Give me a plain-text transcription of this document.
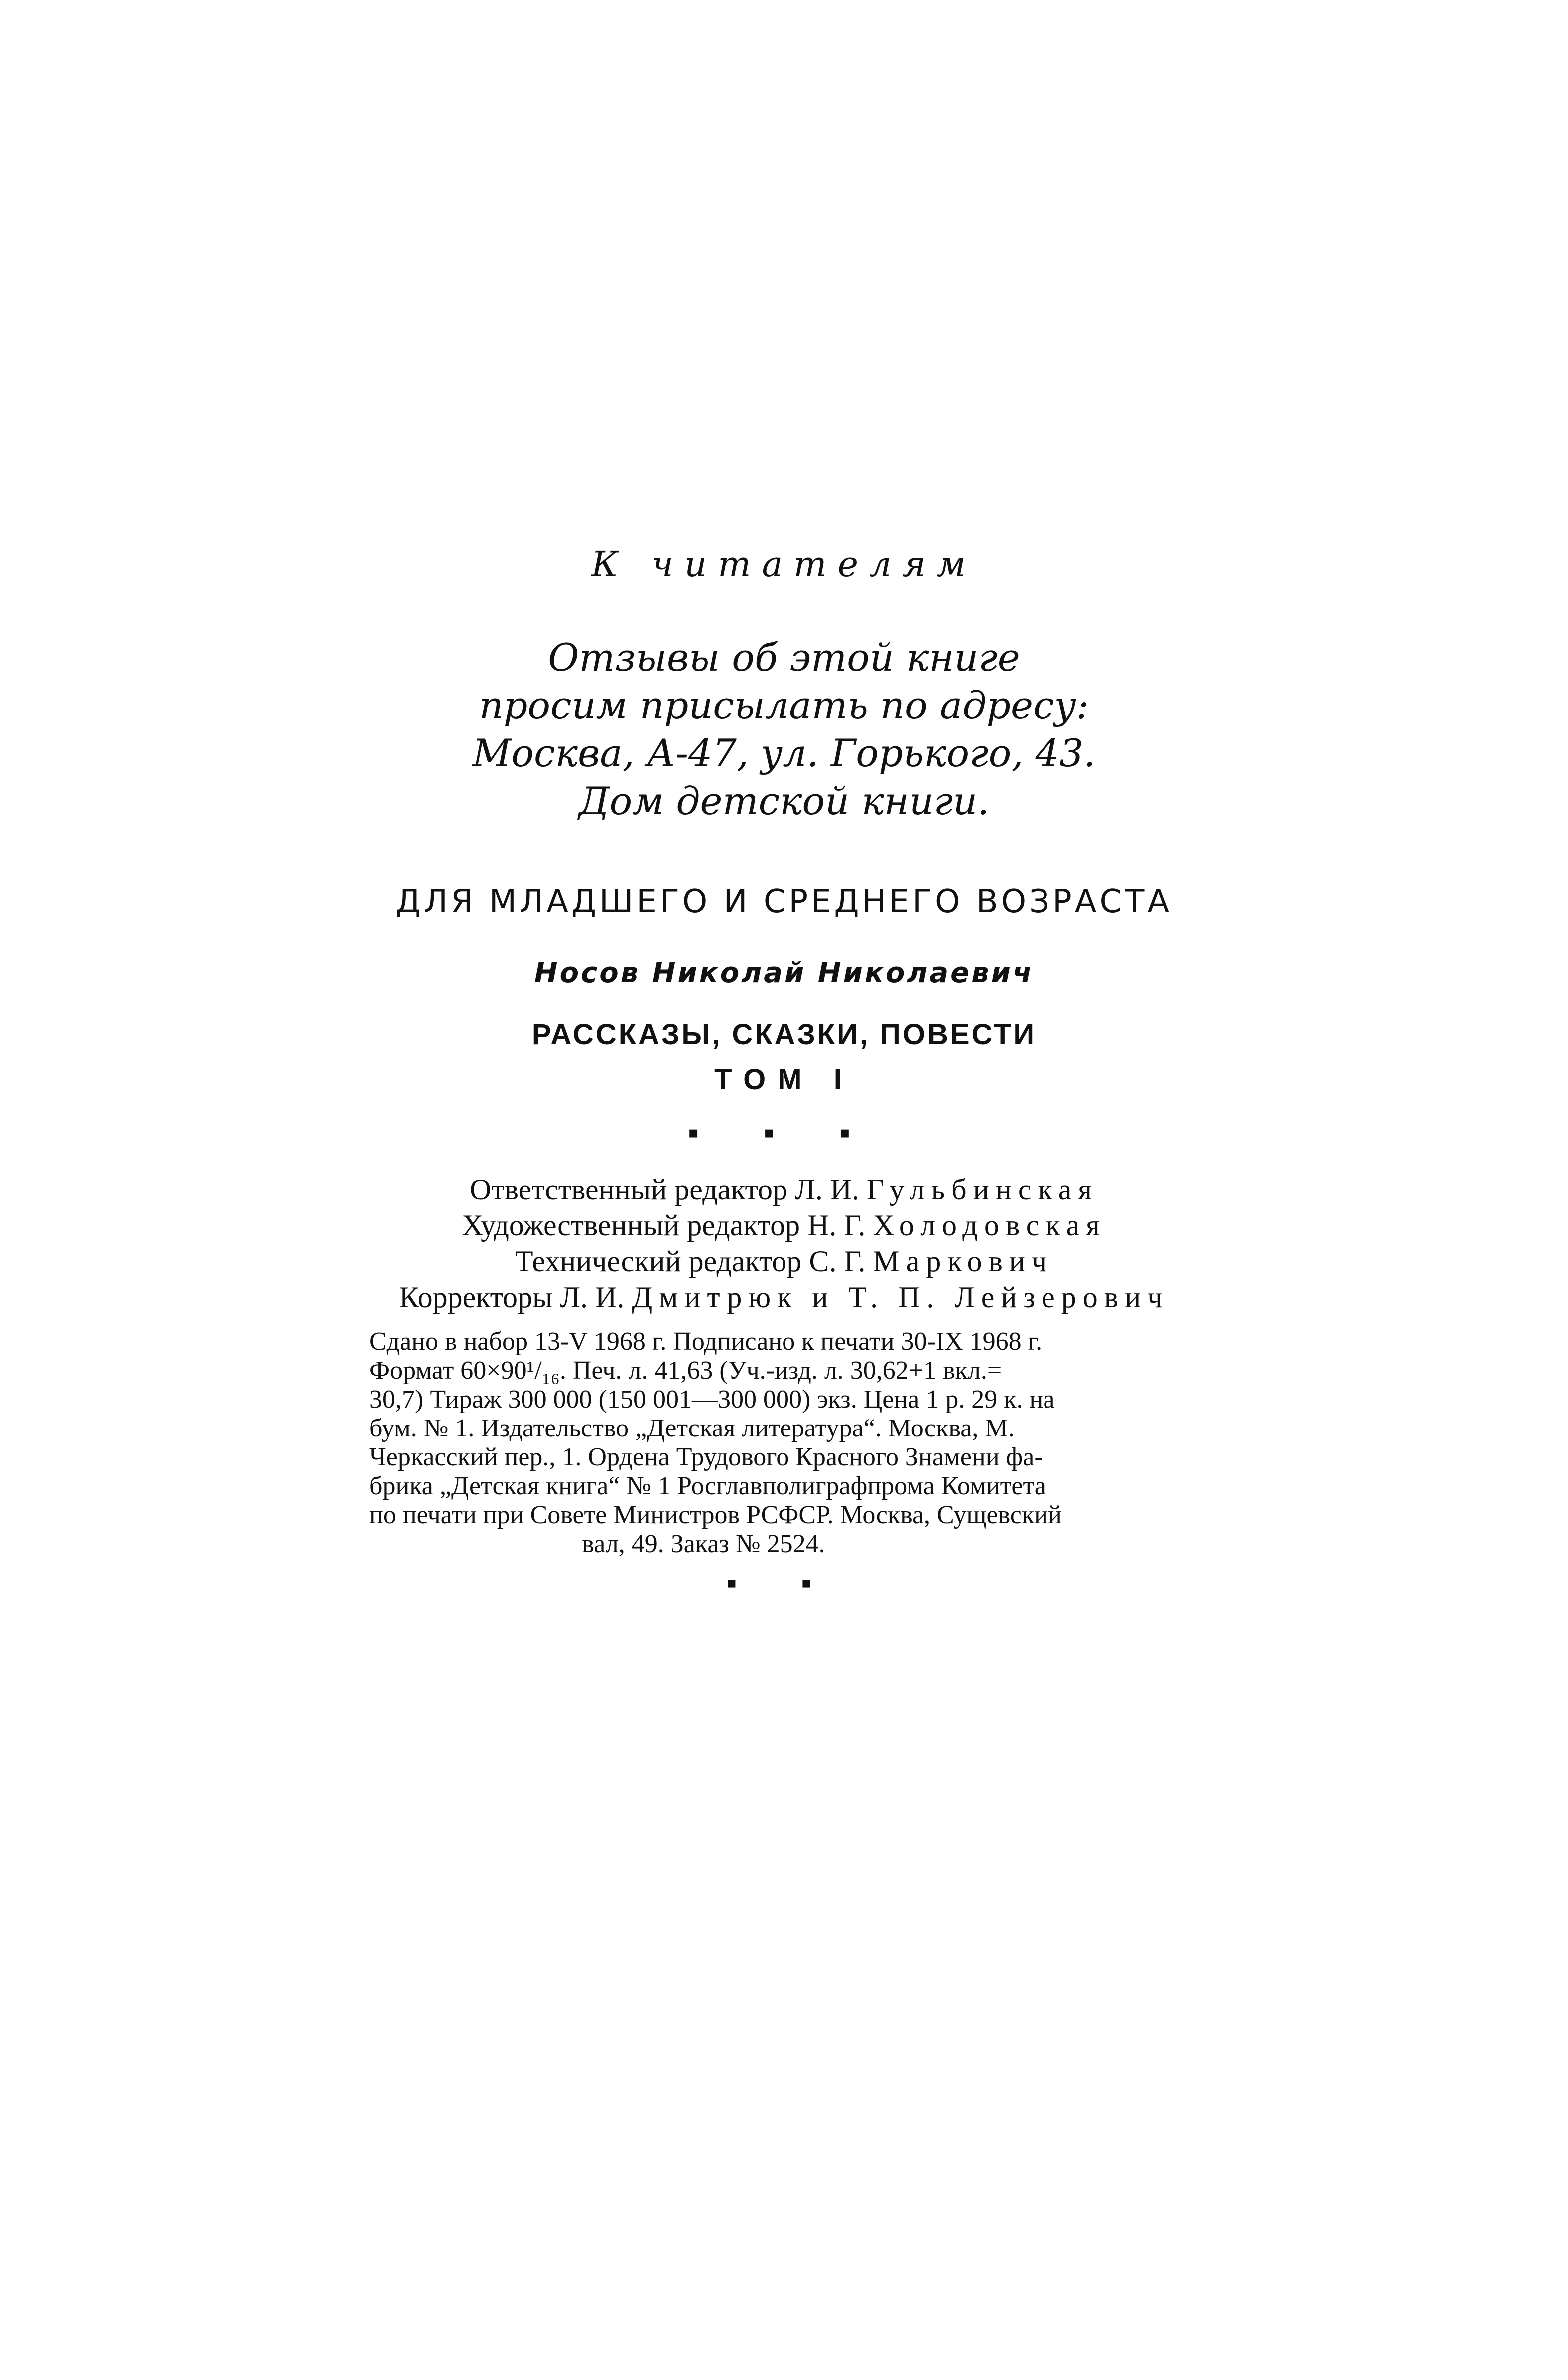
К читателям
Отзывы об этой книге
просим присылать по адресу:
Москва, А-47, ул. Горького, 43.
Дом детской книги.
ДЛЯ МЛАДШЕГО И СРЕДНЕГО ВОЗРАСТА
Носов Николай Николаевич
РАССКАЗЫ, СКАЗКИ, ПОВЕСТИ
ТОМ I
▪ ▪ ▪
Ответственный редактор Л. И. Гульбинская
Художественный редактор Н. Г. Холодовская
Технический редактор С. Г. Маркович
Корректоры Л. И. Дмитрюк и Т. П. Лейзерович
Сдано в набор 13-V 1968 г. Подписано к печати 30-IX 1968 г.
Формат 60×90¹/₁₆. Печ. л. 41,63 (Уч.-изд. л. 30,62+1 вкл.=
30,7) Тираж 300 000 (150 001—300 000) экз. Цена 1 р. 29 к. на
бум. № 1. Издательство „Детская литература“. Москва, М.
Черкасский пер., 1. Ордена Трудового Красного Знамени фа-
брика „Детская книга“ № 1 Росглавполиграфпрома Комитета
по печати при Совете Министров РСФСР. Москва, Сущевский
вал, 49. Заказ № 2524.
▪ ▪
